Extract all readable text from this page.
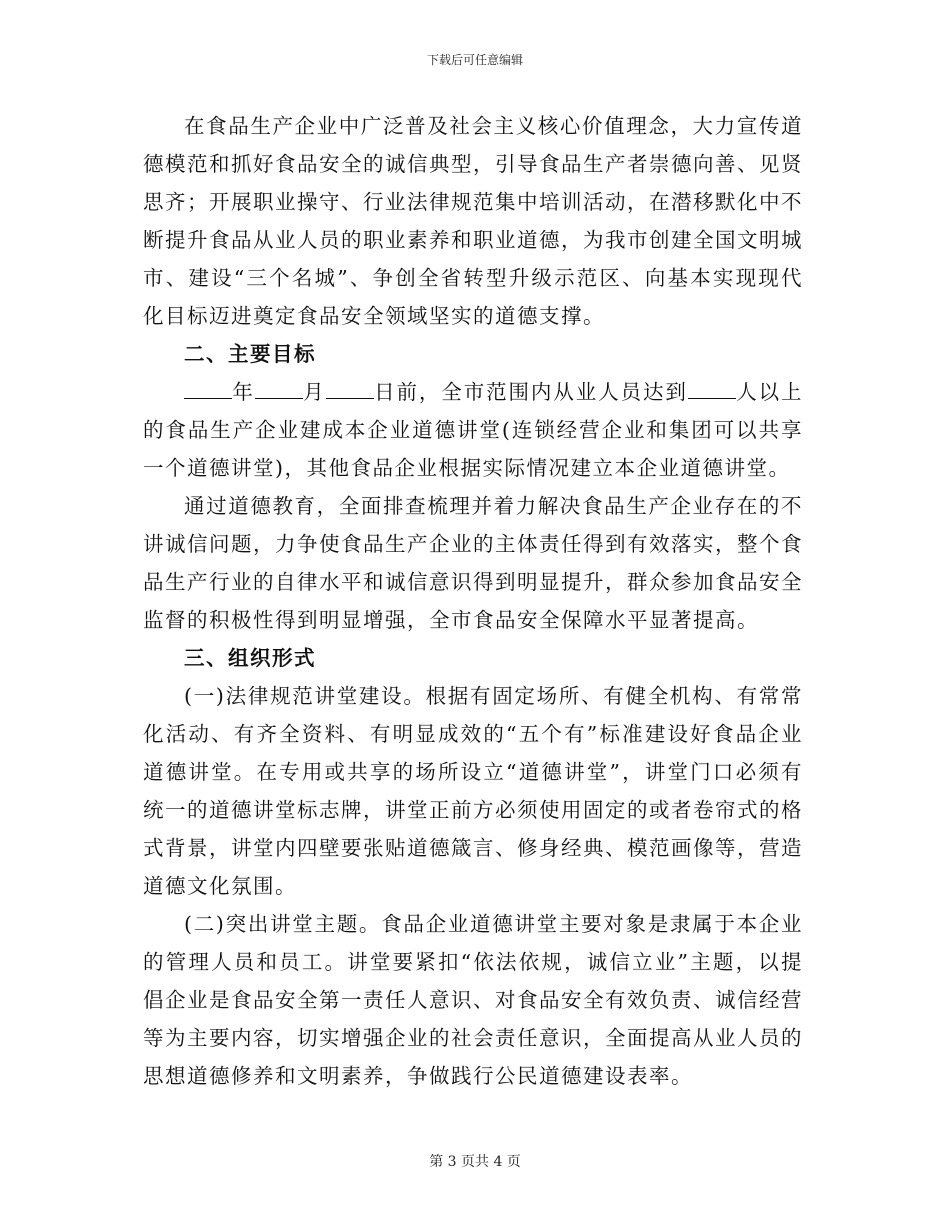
下载后可任意编辑

在食品生产企业中广泛普及社会主义核心价值理念，大力宣传道德模范和抓好食品安全的诚信典型，引导食品生产者崇德向善、见贤思齐；开展职业操守、行业法律规范集中培训活动，在潜移默化中不断提升食品从业人员的职业素养和职业道德，为我市创建全国文明城市、建设“三个名城”、争创全省转型升级示范区、向基本实现现代化目标迈进奠定食品安全领域坚实的道德支撑。

二、主要目标

年 月 日前，全市范围内从业人员达到 人以上的食品生产企业建成本企业道德讲堂(连锁经营企业和集团可以共享一个道德讲堂)，其他食品企业根据实际情况建立本企业道德讲堂。

通过道德教育，全面排查梳理并着力解决食品生产企业存在的不讲诚信问题，力争使食品生产企业的主体责任得到有效落实，整个食品生产行业的自律水平和诚信意识得到明显提升，群众参加食品安全监督的积极性得到明显增强，全市食品安全保障水平显著提高。

三、组织形式

(一)法律规范讲堂建设。根据有固定场所、有健全机构、有常常化活动、有齐全资料、有明显成效的“五个有”标准建设好食品企业道德讲堂。在专用或共享的场所设立“道德讲堂”，讲堂门口必须有统一的道德讲堂标志牌，讲堂正前方必须使用固定的或者卷帘式的格式背景，讲堂内四壁要张贴道德箴言、修身经典、模范画像等，营造道德文化氛围。

(二)突出讲堂主题。食品企业道德讲堂主要对象是隶属于本企业的管理人员和员工。讲堂要紧扣“依法依规，诚信立业”主题，以提倡企业是食品安全第一责任人意识、对食品安全有效负责、诚信经营等为主要内容，切实增强企业的社会责任意识，全面提高从业人员的思想道德修养和文明素养，争做践行公民道德建设表率。

第 3 页共 4 页
